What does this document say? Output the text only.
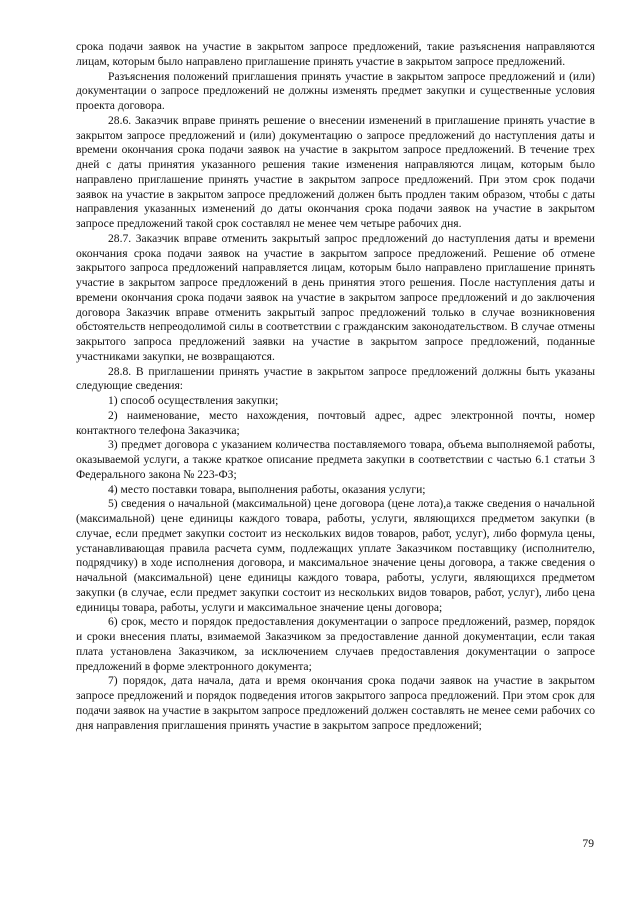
срока подачи заявок на участие в закрытом запросе предложений, такие разъяснения направляются лицам, которым было направлено приглашение принять участие в закрытом запросе предложений.

Разъяснения положений приглашения принять участие в закрытом запросе предложений и (или) документации о запросе предложений не должны изменять предмет закупки и существенные условия проекта договора.

28.6. Заказчик вправе принять решение о внесении изменений в приглашение принять участие в закрытом запросе предложений и (или) документацию о запросе предложений до наступления даты и времени окончания срока подачи заявок на участие в закрытом запросе предложений. В течение трех дней с даты принятия указанного решения такие изменения направляются лицам, которым было направлено приглашение принять участие в закрытом запросе предложений. При этом срок подачи заявок на участие в закрытом запросе предложений должен быть продлен таким образом, чтобы с даты направления указанных изменений до даты окончания срока подачи заявок на участие в закрытом запросе предложений такой срок составлял не менее чем четыре рабочих дня.

28.7. Заказчик вправе отменить закрытый запрос предложений до наступления даты и времени окончания срока подачи заявок на участие в закрытом запросе предложений. Решение об отмене закрытого запроса предложений направляется лицам, которым было направлено приглашение принять участие в закрытом запросе предложений в день принятия этого решения. После наступления даты и времени окончания срока подачи заявок на участие в закрытом запросе предложений и до заключения договора Заказчик вправе отменить закрытый запрос предложений только в случае возникновения обстоятельств непреодолимой силы в соответствии с гражданским законодательством. В случае отмены закрытого запроса предложений заявки на участие в закрытом запросе предложений, поданные участниками закупки, не возвращаются.

28.8. В приглашении принять участие в закрытом запросе предложений должны быть указаны следующие сведения:

1) способ осуществления закупки;

2) наименование, место нахождения, почтовый адрес, адрес электронной почты, номер контактного телефона Заказчика;

3) предмет договора с указанием количества поставляемого товара, объема выполняемой работы, оказываемой услуги, а также краткое описание предмета закупки в соответствии с частью 6.1 статьи 3 Федерального закона № 223-ФЗ;

4) место поставки товара, выполнения работы, оказания услуги;

5) сведения о начальной (максимальной) цене договора (цене лота),а также сведения о начальной (максимальной) цене единицы каждого товара, работы, услуги, являющихся предметом закупки (в случае, если предмет закупки состоит из нескольких видов товаров, работ, услуг), либо формула цены, устанавливающая правила расчета сумм, подлежащих уплате Заказчиком поставщику (исполнителю, подрядчику) в ходе исполнения договора, и максимальное значение цены договора, а также сведения о начальной (максимальной) цене единицы каждого товара, работы, услуги, являющихся предметом закупки (в случае, если предмет закупки состоит из нескольких видов товаров, работ, услуг), либо цена единицы товара, работы, услуги и максимальное значение цены договора;

6) срок, место и порядок предоставления документации о запросе предложений, размер, порядок и сроки внесения платы, взимаемой Заказчиком за предоставление данной документации, если такая плата установлена Заказчиком, за исключением случаев предоставления документации о запросе предложений в форме электронного документа;

7) порядок, дата начала, дата и время окончания срока подачи заявок на участие в закрытом запросе предложений и порядок подведения итогов закрытого запроса предложений. При этом срок для подачи заявок на участие в закрытом запросе предложений должен составлять не менее семи рабочих со дня направления приглашения принять участие в закрытом запросе предложений;

79
